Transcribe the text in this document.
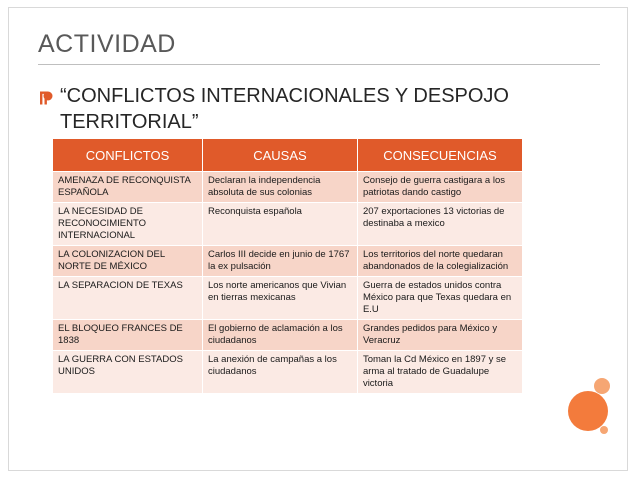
ACTIVIDAD
“CONFLICTOS INTERNACIONALES Y DESPOJO TERRITORIAL”
CONFLICTOS	CAUSAS	CONSECUENCIAS
AMENAZA DE RECONQUISTA ESPAÑOLA	Declaran la independencia absoluta de sus colonias	Consejo de guerra castigara a los patriotas dando castigo
LA NECESIDAD DE RECONOCIMIENTO INTERNACIONAL	Reconquista española	207 exportaciones 13 victorias de destinaba a mexico
LA COLONIZACION DEL NORTE DE MÉXICO	Carlos III decide en junio de 1767 la ex pulsación	Los territorios del norte quedaran abandonados de la colegialización
LA SEPARACION DE TEXAS	Los norte americanos que Vivian en tierras mexicanas	Guerra de estados unidos contra México para que Texas quedara en E.U
EL BLOQUEO FRANCES DE 1838	El gobierno de aclamación a los ciudadanos	Grandes pedidos para México y Veracruz
LA GUERRA CON ESTADOS UNIDOS	La anexión de campañas a los ciudadanos	Toman la Cd México en 1897 y se arma al tratado de Guadalupe victoria
